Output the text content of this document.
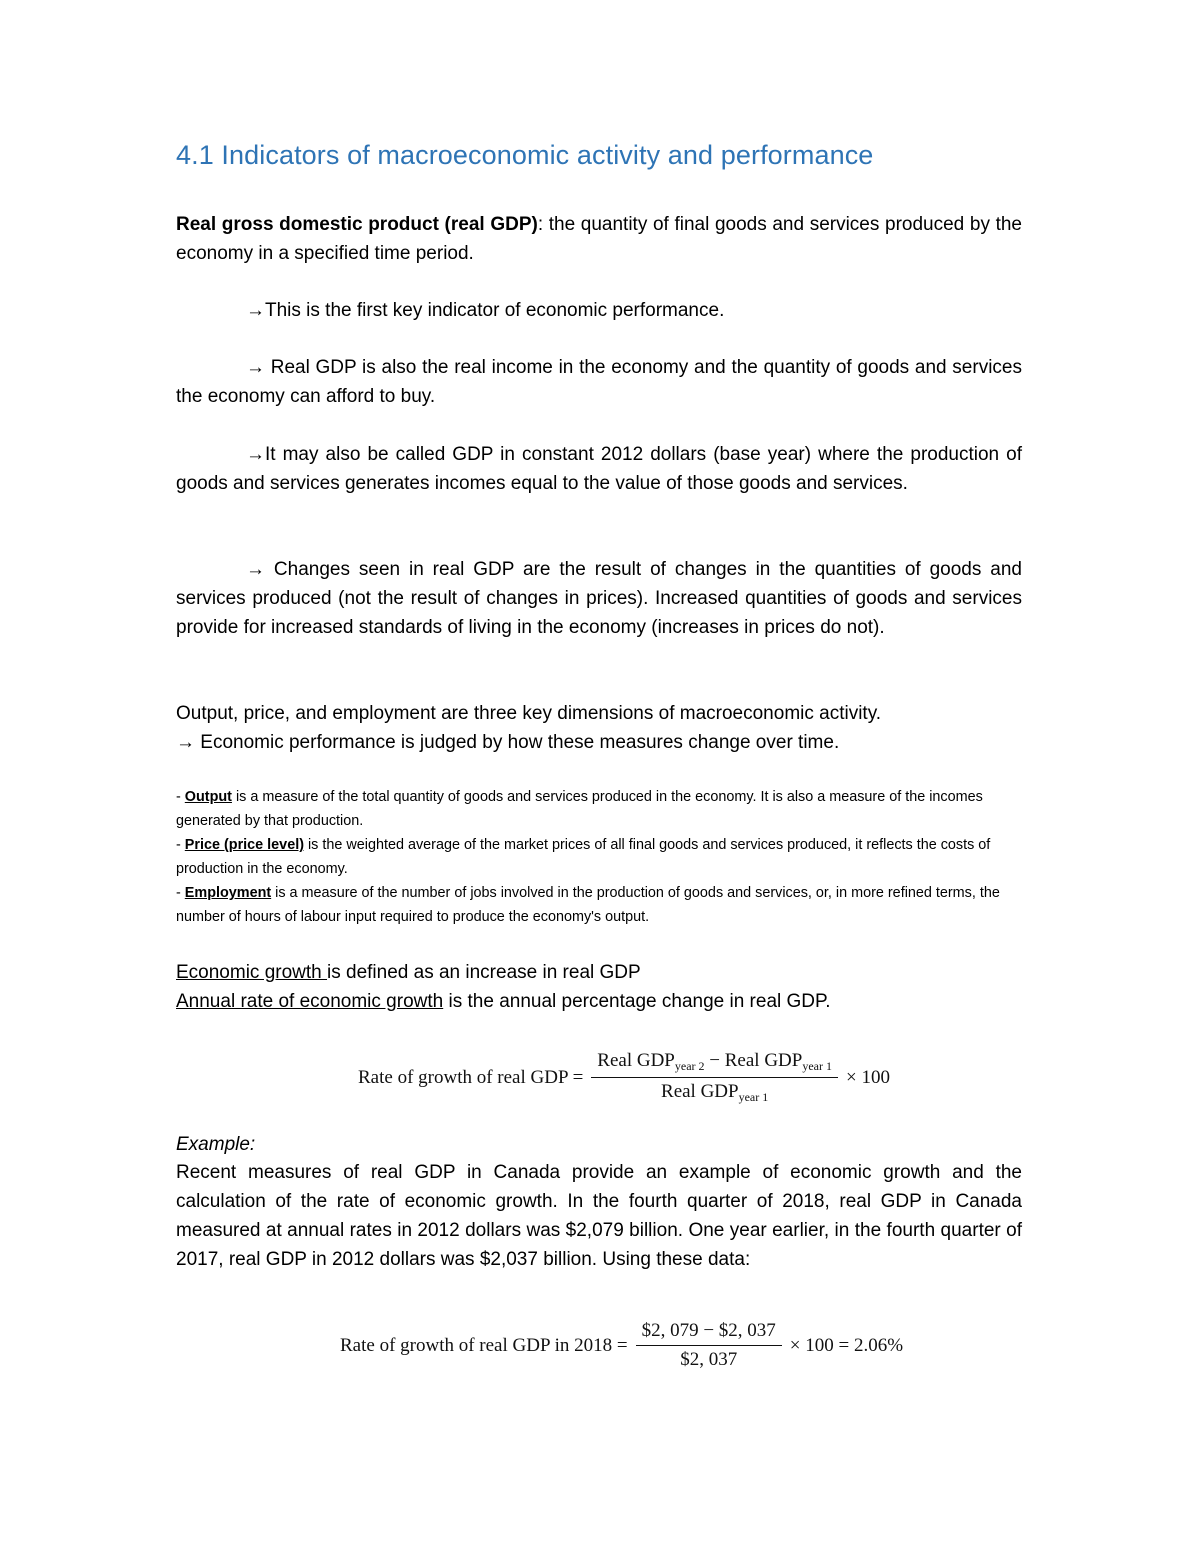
4.1 Indicators of macroeconomic activity and performance

Real gross domestic product (real GDP): the quantity of final goods and services produced by the economy in a specified time period.

→This is the first key indicator of economic performance.

→ Real GDP is also the real income in the economy and the quantity of goods and services the economy can afford to buy.

→It may also be called GDP in constant 2012 dollars (base year) where the production of goods and services generates incomes equal to the value of those goods and services.

→ Changes seen in real GDP are the result of changes in the quantities of goods and services produced (not the result of changes in prices). Increased quantities of goods and services provide for increased standards of living in the economy (increases in prices do not).

Output, price, and employment are three key dimensions of macroeconomic activity.

→ Economic performance is judged by how these measures change over time.

- Output is a measure of the total quantity of goods and services produced in the economy. It is also a measure of the incomes generated by that production.

- Price (price level) is the weighted average of the market prices of all final goods and services produced, it reflects the costs of production in the economy.

- Employment is a measure of the number of jobs involved in the production of goods and services, or, in more refined terms, the number of hours of labour input required to produce the economy's output.

Economic growth is defined as an increase in real GDP

Annual rate of economic growth is the annual percentage change in real GDP.

Rate of growth of real GDP = $\frac{Real GDP_{year 2} - Real GDP_{year 1}}{Real GDP_{year 1}} \times 100$

Example:

Recent measures of real GDP in Canada provide an example of economic growth and the calculation of the rate of economic growth. In the fourth quarter of 2018, real GDP in Canada measured at annual rates in 2012 dollars was $2,079 billion. One year earlier, in the fourth quarter of 2017, real GDP in 2012 dollars was $2,037 billion. Using these data:

Rate of growth of real GDP in $2018 = \frac{\$2, 079 - \$2, 037}{\$2, 037} \times 100 = 2.06\%$
